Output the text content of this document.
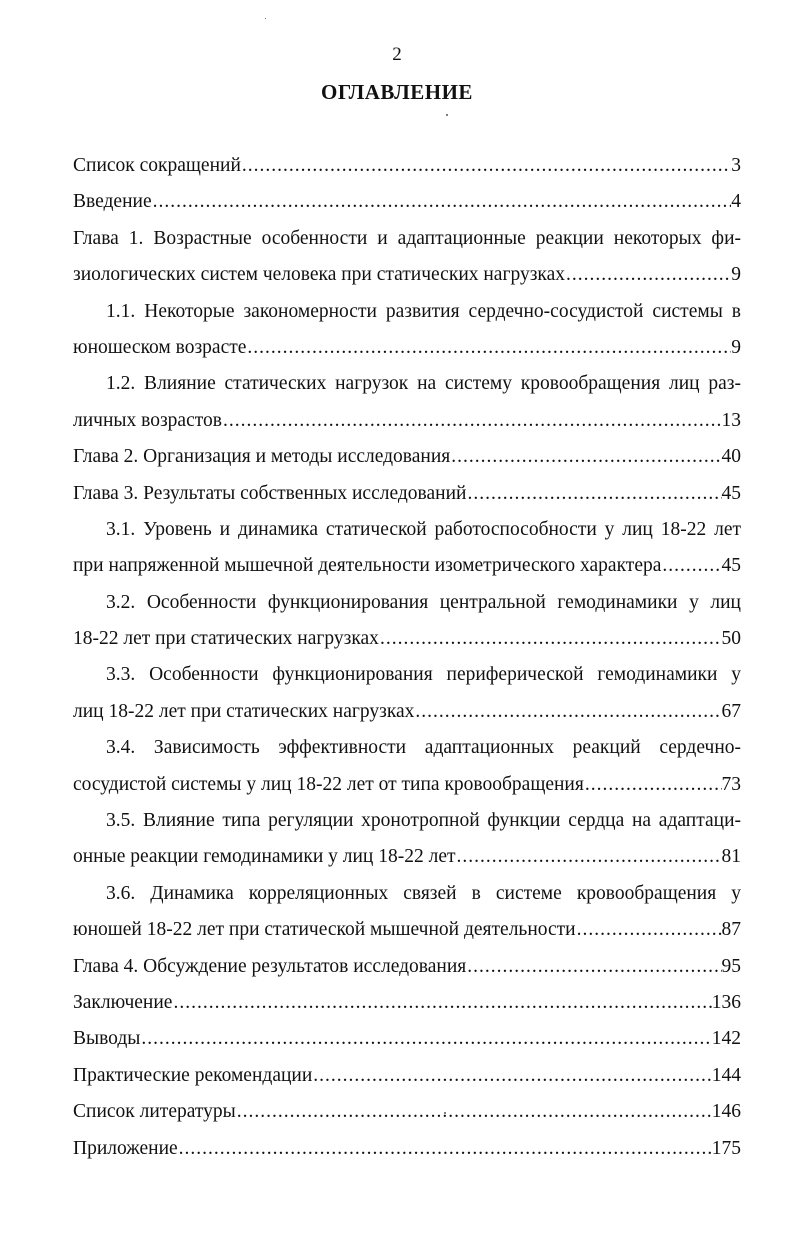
2
ОГЛАВЛЕНИЕ
Список сокращений .....	3
Введение .....	4
Глава 1. Возрастные особенности и адаптационные реакции некоторых фи-
зиологических систем человека при статических нагрузках .....	9
1.1. Некоторые закономерности развития сердечно-сосудистой системы в
юношеском возрасте .....	9
1.2. Влияние статических нагрузок на систему кровообращения лиц раз-
личных возрастов .....	13
Глава 2. Организация и методы исследования .....	40
Глава 3. Результаты собственных исследований .....	45
3.1. Уровень и динамика статической работоспособности у лиц 18-22 лет
при напряженной мышечной деятельности изометрического характера .....	45
3.2. Особенности функционирования центральной гемодинамики у лиц
18-22 лет при статических нагрузках .....	50
3.3. Особенности функционирования периферической гемодинамики у
лиц 18-22 лет при статических нагрузках .....	67
3.4. Зависимость эффективности адаптационных реакций сердечно-
сосудистой системы у лиц 18-22 лет от типа кровообращения .....	73
3.5. Влияние типа регуляции хронотропной функции сердца на адаптаци-
онные реакции гемодинамики у лиц 18-22 лет .....	81
3.6. Динамика корреляционных связей в системе кровообращения у
юношей 18-22 лет при статической мышечной деятельности .....	87
Глава 4. Обсуждение результатов исследования .....	95
Заключение .....	136
Выводы .....	142
Практические рекомендации .....	144
Список литературы .....	146
Приложение .....	175
